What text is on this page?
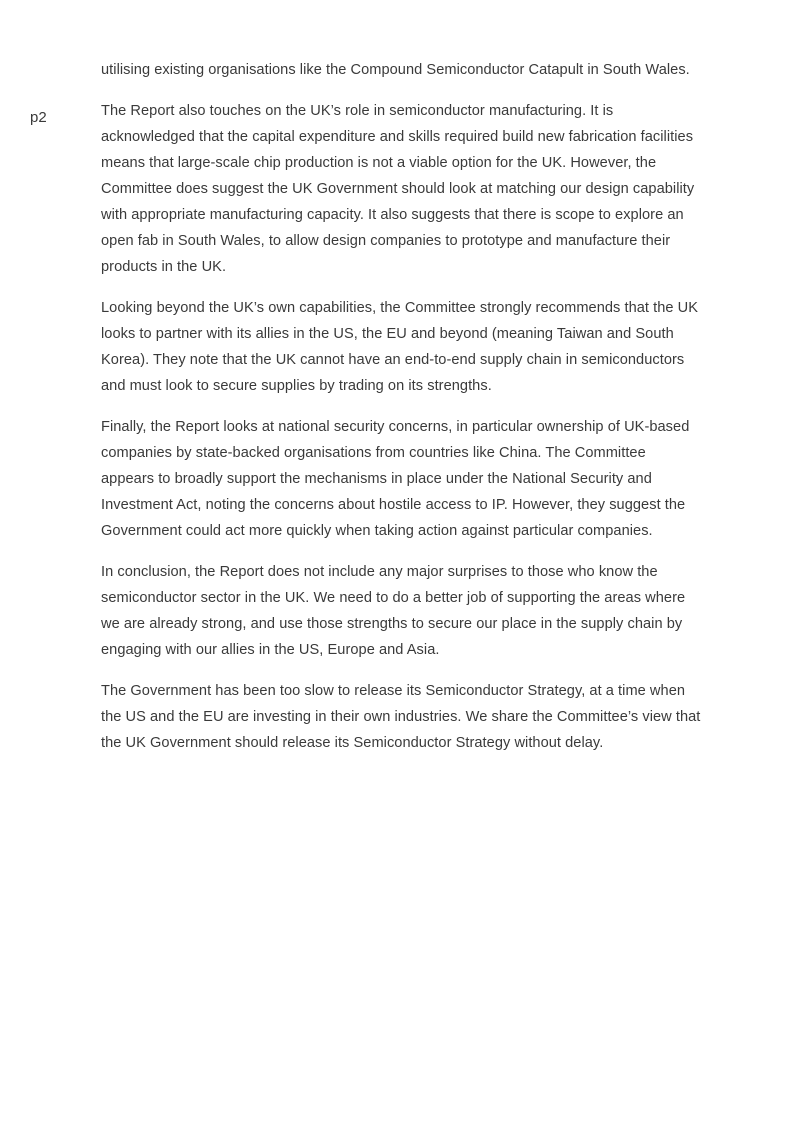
p2

utilising existing organisations like the Compound Semiconductor Catapult in South Wales.

The Report also touches on the UK’s role in semiconductor manufacturing. It is acknowledged that the capital expenditure and skills required build new fabrication facilities means that large-scale chip production is not a viable option for the UK. However, the Committee does suggest the UK Government should look at matching our design capability with appropriate manufacturing capacity. It also suggests that there is scope to explore an open fab in South Wales, to allow design companies to prototype and manufacture their products in the UK.

Looking beyond the UK’s own capabilities, the Committee strongly recommends that the UK looks to partner with its allies in the US, the EU and beyond (meaning Taiwan and South Korea). They note that the UK cannot have an end-to-end supply chain in semiconductors and must look to secure supplies by trading on its strengths.

Finally, the Report looks at national security concerns, in particular ownership of UK-based companies by state-backed organisations from countries like China. The Committee appears to broadly support the mechanisms in place under the National Security and Investment Act, noting the concerns about hostile access to IP. However, they suggest the Government could act more quickly when taking action against particular companies.

In conclusion, the Report does not include any major surprises to those who know the semiconductor sector in the UK. We need to do a better job of supporting the areas where we are already strong, and use those strengths to secure our place in the supply chain by engaging with our allies in the US, Europe and Asia.

The Government has been too slow to release its Semiconductor Strategy, at a time when the US and the EU are investing in their own industries. We share the Committee’s view that the UK Government should release its Semiconductor Strategy without delay.
